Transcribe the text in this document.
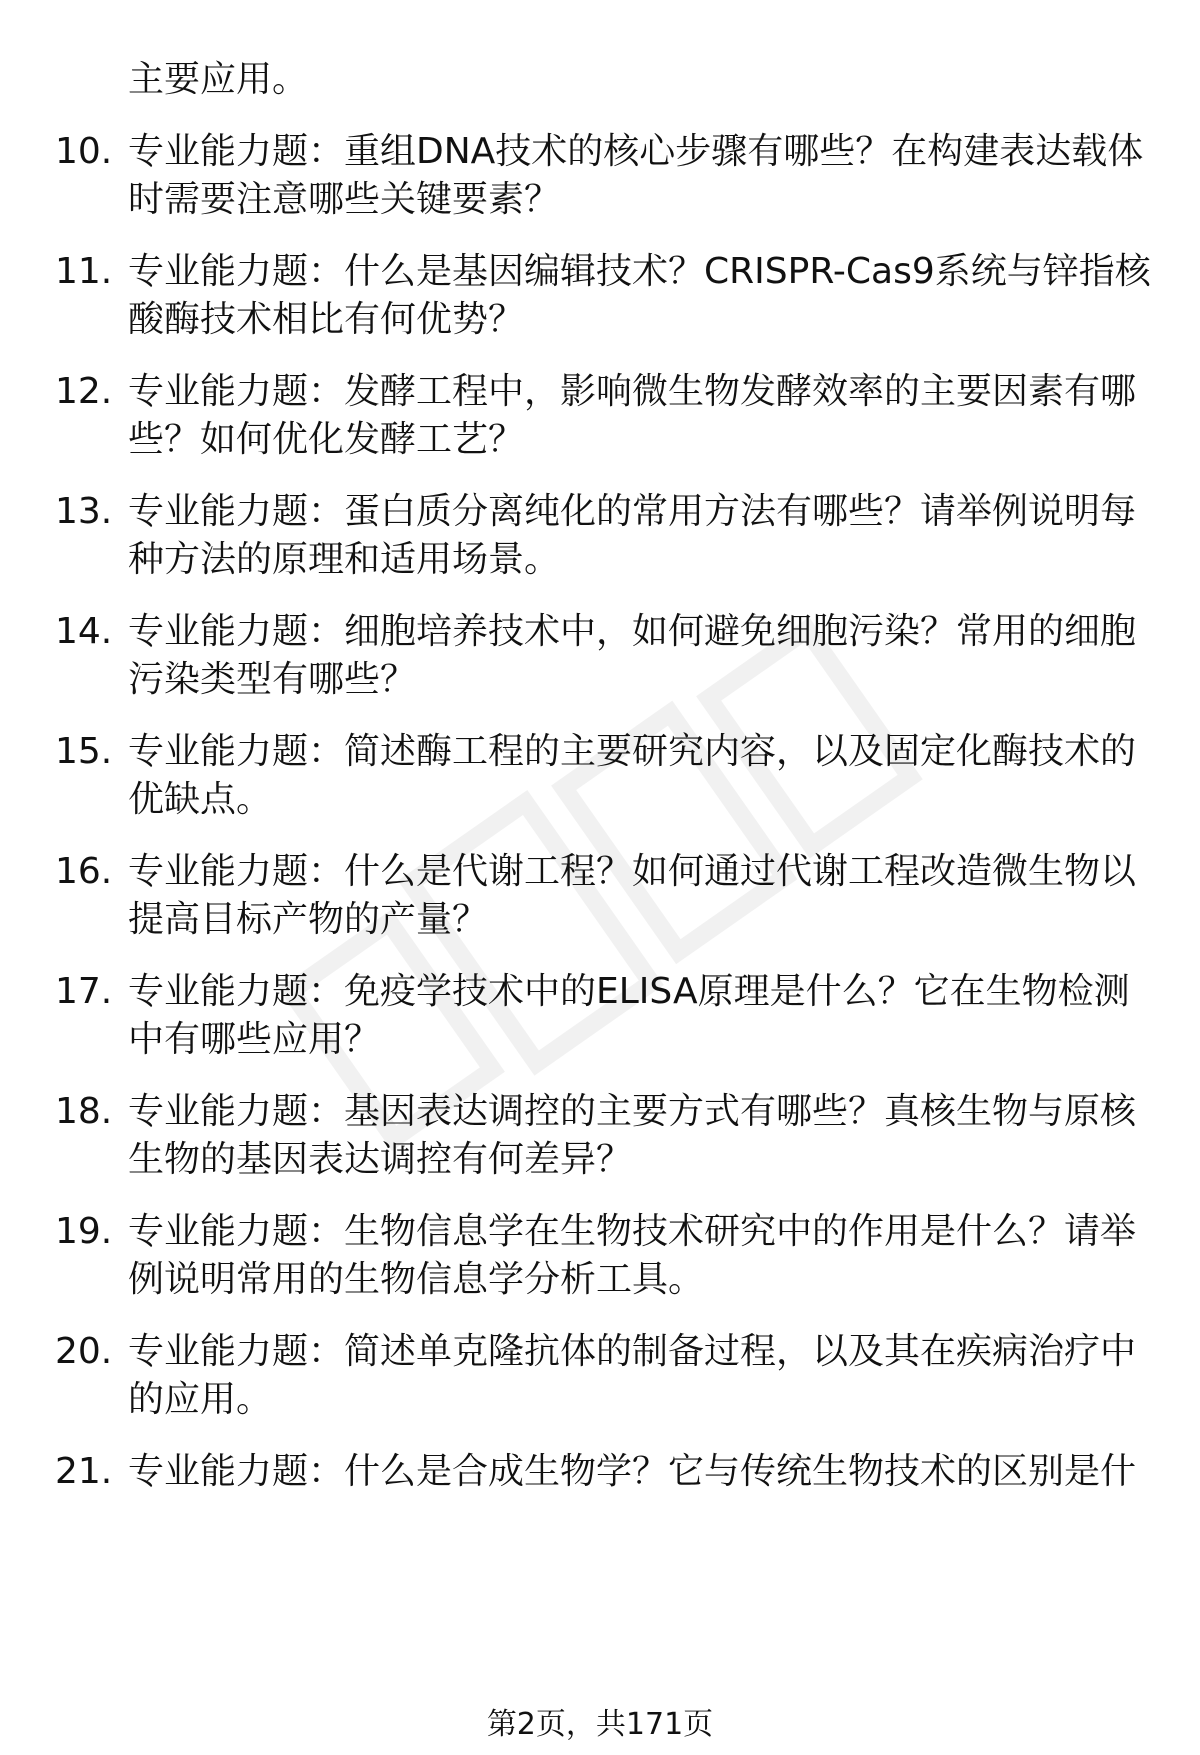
主要应用。
10. 专业能力题：重组DNA技术的核心步骤有哪些？在构建表达载体
时需要注意哪些关键要素？
11. 专业能力题：什么是基因编辑技术？CRISPR-Cas9系统与锌指核
酸酶技术相比有何优势？
12. 专业能力题：发酵工程中，影响微生物发酵效率的主要因素有哪
些？如何优化发酵工艺？
13. 专业能力题：蛋白质分离纯化的常用方法有哪些？请举例说明每
种方法的原理和适用场景。
14. 专业能力题：细胞培养技术中，如何避免细胞污染？常用的细胞
污染类型有哪些？
15. 专业能力题：简述酶工程的主要研究内容，以及固定化酶技术的
优缺点。
16. 专业能力题：什么是代谢工程？如何通过代谢工程改造微生物以
提高目标产物的产量？
17. 专业能力题：免疫学技术中的ELISA原理是什么？它在生物检测
中有哪些应用？
18. 专业能力题：基因表达调控的主要方式有哪些？真核生物与原核
生物的基因表达调控有何差异？
19. 专业能力题：生物信息学在生物技术研究中的作用是什么？请举
例说明常用的生物信息学分析工具。
20. 专业能力题：简述单克隆抗体的制备过程，以及其在疾病治疗中
的应用。
21. 专业能力题：什么是合成生物学？它与传统生物技术的区别是什
第2页，共171页
